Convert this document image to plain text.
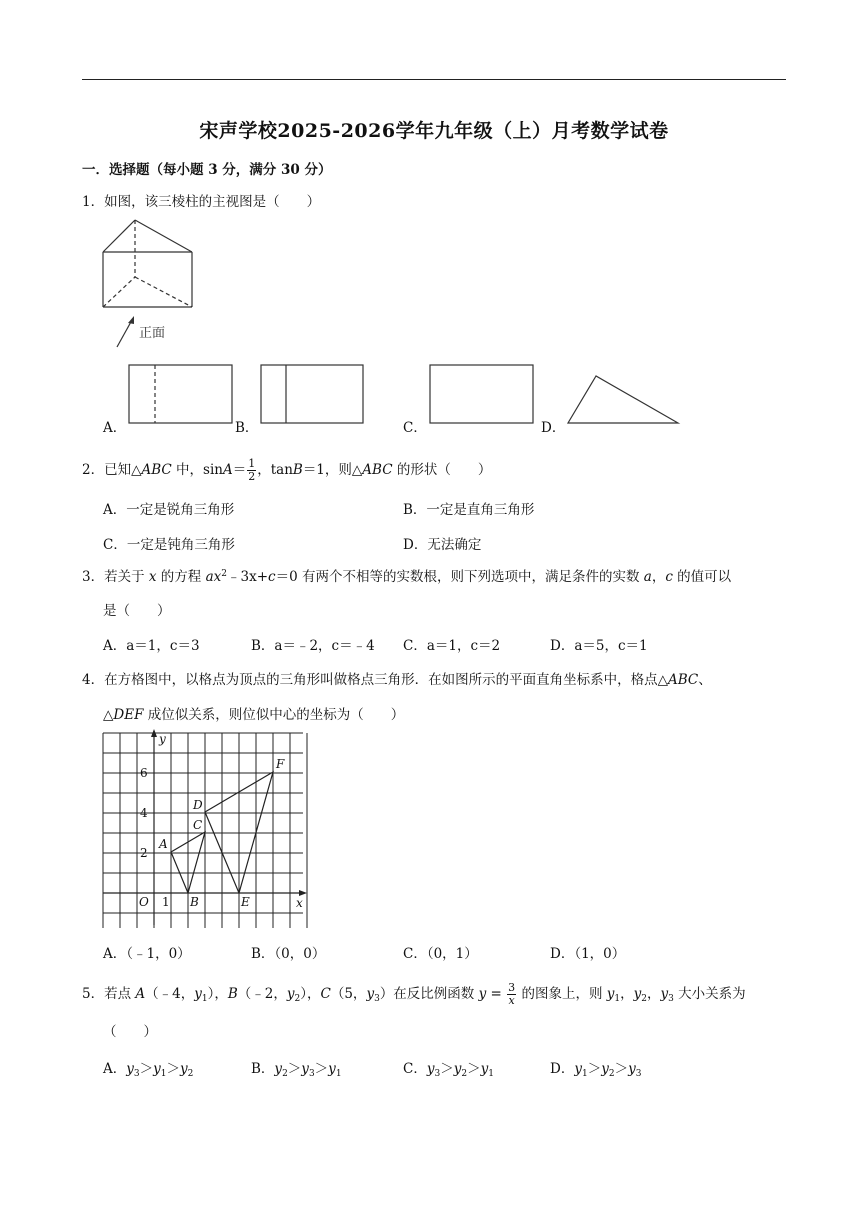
宋声学校2025-2026学年九年级（上）月考数学试卷
一．选择题（每小题 3 分，满分 30 分）
1．如图，该三棱柱的主视图是（　　）
正面
A．	B．	C．	D．
2．已知△ABC 中，$\sin A= \frac{1}{2}$ ，tanB＝1，则△ABC 的形状（　　）
A．一定是锐角三角形	B．一定是直角三角形
C．一定是钝角三角形	D．无法确定
3．若关于 x 的方程 $ax^2﹣3x+c=0$ 有两个不相等的实数根，则下列选项中，满足条件的实数 a，c 的值可以
是（　　）
A．a＝1，c＝3	B．a＝﹣2，c＝﹣4 C．a＝1，c＝2	D．a＝5，c＝1
4．在方格图中，以格点为顶点的三角形叫做格点三角形．在如图所示的平面直角坐标系中，格点△ABC、
△DEF 成位似关系，则位似中心的坐标为（　　）
y
x
O
A
B
C
D
E
F
1
2
4
6
A．（﹣1，0）	B．（0，0）	C．（0，1）	D．（1，0）
5．若点 A（﹣4，$y_1$），B（﹣2，$y_2$），C（5，$y_3$）在反比例函数 $y = \frac{3}{x}$ 的图象上，则 $y_1$，$y_2$，$y_3$ 大小关系为
（　　）
A．$y_3>y_1>y_2$	B．$y_2>y_3>y_1$	C．$y_3>y_2>y_1$	D．$y_1>y_2>y_3$
